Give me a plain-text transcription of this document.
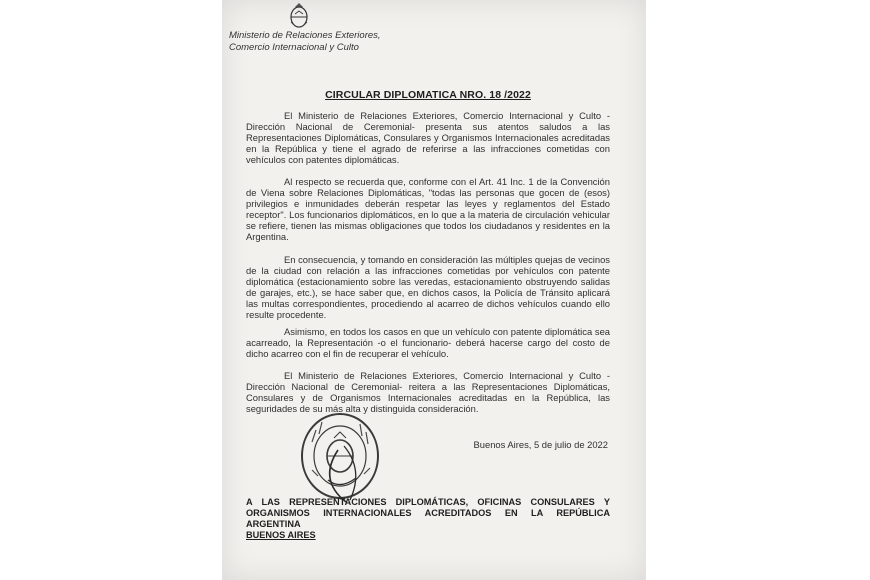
Ministerio de Relaciones Exteriores,
Comercio Internacional y Culto
CIRCULAR DIPLOMATICA NRO. 18 /2022
El Ministerio de Relaciones Exteriores, Comercio Internacional y Culto -Dirección Nacional de Ceremonial- presenta sus atentos saludos a las Representaciones Diplomáticas, Consulares y Organismos Internacionales acreditadas en la República y tiene el agrado de referirse a las infracciones cometidas con vehículos con patentes diplomáticas.
Al respecto se recuerda que, conforme con el Art. 41 Inc. 1 de la Convención de Viena sobre Relaciones Diplomáticas, "todas las personas que gocen de (esos) privilegios e inmunidades deberán respetar las leyes y reglamentos del Estado receptor". Los funcionarios diplomáticos, en lo que a la materia de circulación vehicular se refiere, tienen las mismas obligaciones que todos los ciudadanos y residentes en la Argentina.
En consecuencia, y tomando en consideración las múltiples quejas de vecinos de la ciudad con relación a las infracciones cometidas por vehículos con patente diplomática (estacionamiento sobre las veredas, estacionamiento obstruyendo salidas de garajes, etc.), se hace saber que, en dichos casos, la Policía de Tránsito aplicará las multas correspondientes, procediendo al acarreo de dichos vehículos cuando ello resulte procedente.
Asimismo, en todos los casos en que un vehículo con patente diplomática sea acarreado, la Representación -o el funcionario- deberá hacerse cargo del costo de dicho acarreo con el fin de recuperar el vehículo.
El Ministerio de Relaciones Exteriores, Comercio Internacional y Culto -Dirección Nacional de Ceremonial- reitera a las Representaciones Diplomáticas, Consulares y de Organismos Internacionales acreditadas en la República, las seguridades de su más alta y distinguida consideración.
Buenos Aires, 5 de julio de 2022
A LAS REPRESENTACIONES DIPLOMÁTICAS, OFICINAS CONSULARES Y ORGANISMOS INTERNACIONALES ACREDITADOS EN LA REPÚBLICA ARGENTINA
BUENOS AIRES
